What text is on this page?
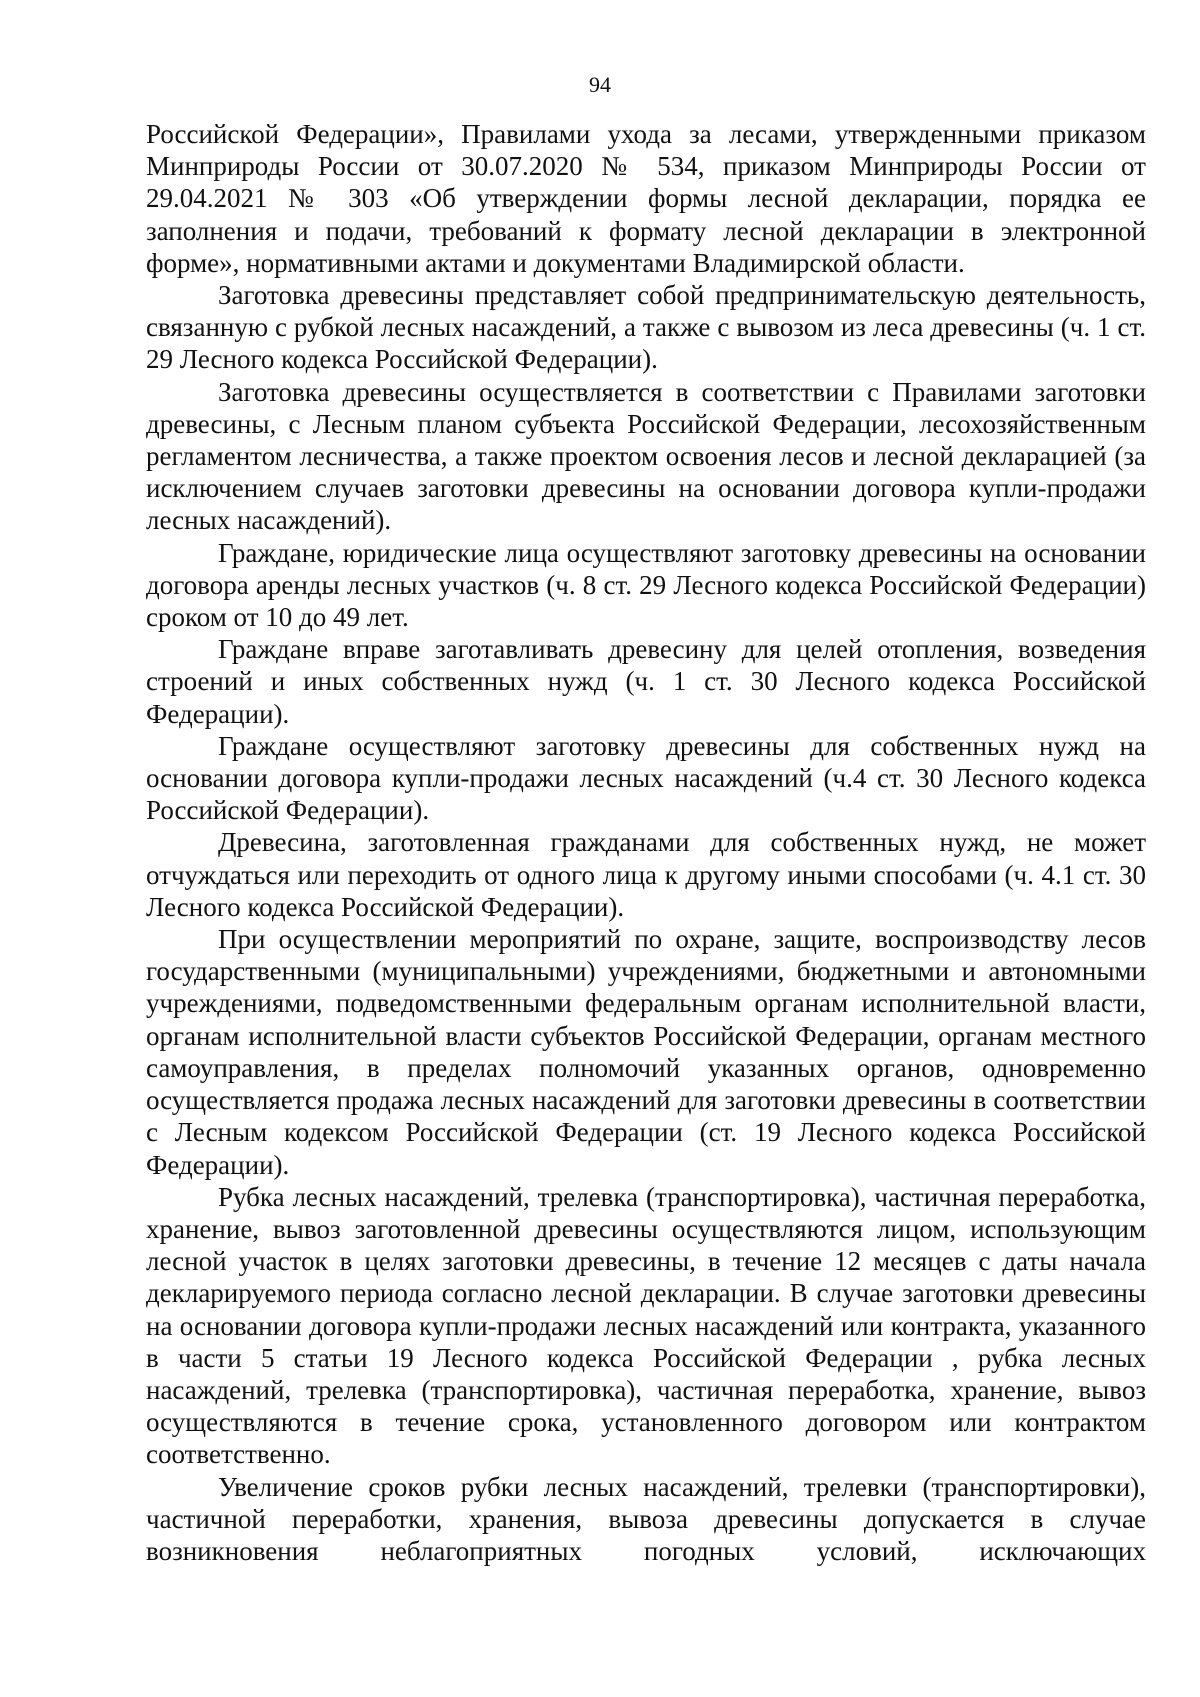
94

Российской Федерации», Правилами ухода за лесами, утвержденными приказом Минприроды России от 30.07.2020 № 534, приказом Минприроды России от 29.04.2021 № 303 «Об утверждении формы лесной декларации, порядка ее заполнения и подачи, требований к формату лесной декларации в электронной форме», нормативными актами и документами Владимирской области.

Заготовка древесины представляет собой предпринимательскую деятельность, связанную с рубкой лесных насаждений, а также с вывозом из леса древесины (ч. 1 ст. 29 Лесного кодекса Российской Федерации).

Заготовка древесины осуществляется в соответствии с Правилами заготовки древесины, с Лесным планом субъекта Российской Федерации, лесохозяйственным регламентом лесничества, а также проектом освоения лесов и лесной декларацией (за исключением случаев заготовки древесины на основании договора купли-продажи лесных насаждений).

Граждане, юридические лица осуществляют заготовку древесины на основании договора аренды лесных участков (ч. 8 ст. 29 Лесного кодекса Российской Федерации) сроком от 10 до 49 лет.

Граждане вправе заготавливать древесину для целей отопления, возведения строений и иных собственных нужд (ч. 1 ст. 30 Лесного кодекса Российской Федерации).

Граждане осуществляют заготовку древесины для собственных нужд на основании договора купли-продажи лесных насаждений (ч.4 ст. 30 Лесного кодекса Российской Федерации).

Древесина, заготовленная гражданами для собственных нужд, не может отчуждаться или переходить от одного лица к другому иными способами (ч. 4.1 ст. 30 Лесного кодекса Российской Федерации).

При осуществлении мероприятий по охране, защите, воспроизводству лесов государственными (муниципальными) учреждениями, бюджетными и автономными учреждениями, подведомственными федеральным органам исполнительной власти, органам исполнительной власти субъектов Российской Федерации, органам местного самоуправления, в пределах полномочий указанных органов, одновременно осуществляется продажа лесных насаждений для заготовки древесины в соответствии с Лесным кодексом Российской Федерации (ст. 19 Лесного кодекса Российской Федерации).

Рубка лесных насаждений, трелевка (транспортировка), частичная переработка, хранение, вывоз заготовленной древесины осуществляются лицом, использующим лесной участок в целях заготовки древесины, в течение 12 месяцев с даты начала декларируемого периода согласно лесной декларации. В случае заготовки древесины на основании договора купли-продажи лесных насаждений или контракта, указанного в части 5 статьи 19 Лесного кодекса Российской Федерации , рубка лесных насаждений, трелевка (транспортировка), частичная переработка, хранение, вывоз осуществляются в течение срока, установленного договором или контрактом соответственно.

Увеличение сроков рубки лесных насаждений, трелевки (транспортировки), частичной переработки, хранения, вывоза древесины допускается в случае возникновения неблагоприятных погодных условий, исключающих
